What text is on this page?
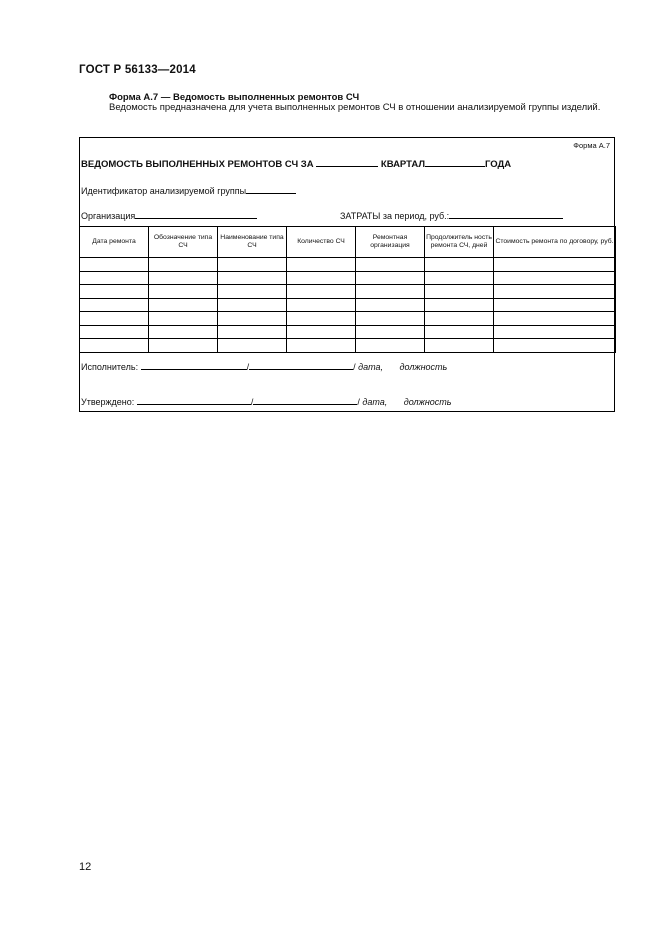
ГОСТ Р 56133—2014
Форма А.7 — Ведомость выполненных ремонтов СЧ
Ведомость предназначена для учета выполненных ремонтов СЧ в отношении анализируемой группы изделий.
Форма А.7
ВЕДОМОСТЬ ВЫПОЛНЕННЫХ РЕМОНТОВ СЧ ЗА	КВАРТАЛ	ГОДА
Идентификатор анализируемой группы
Организация	ЗАТРАТЫ за период, руб.:
Дата ремонта	Обозначение типа СЧ	Наименование типа СЧ	Количество СЧ	Ремонтная организация	Продолжитель ность ремонта СЧ, дней	Стоимость ремонта по договору, руб.

Исполнитель:	/	/ дата, должность
Утверждено:	/	/ дата, должность
12
